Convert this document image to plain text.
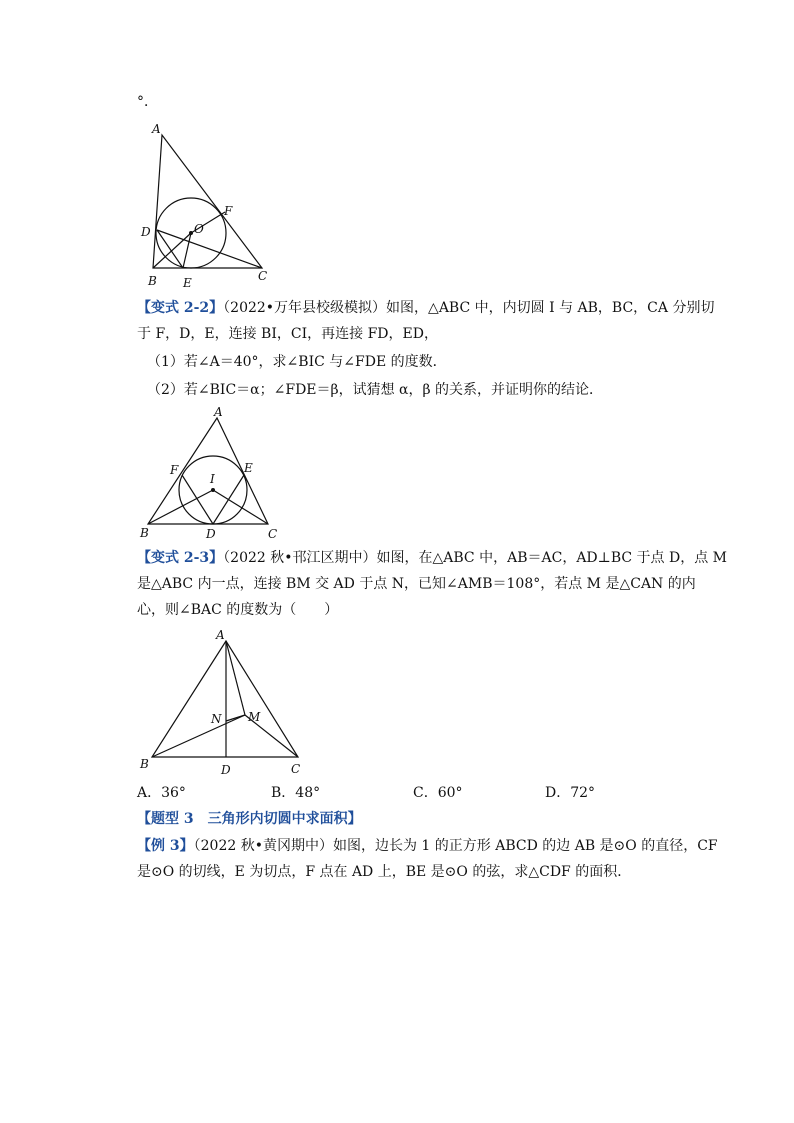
°．
A
D
F
O
B E	C
【变式 2-2】（2022•万年县校级模拟）如图，△ABC 中，内切圆 I 与 AB，BC，CA 分别切
于 F，D，E，连接 BI，CI，再连接 FD，ED，
（1）若∠A＝40°，求∠BIC 与∠FDE 的度数．
（2）若∠BIC＝α；∠FDE＝β，试猜想 α，β 的关系，并证明你的结论．
A
F	E
I
B	D	C
【变式 2-3】（2022 秋•邗江区期中）如图，在△ABC 中，AB＝AC，AD⊥BC 于点 D，点 M
是△ABC 内一点，连接 BM 交 AD 于点 N，已知∠AMB＝108°，若点 M 是△CAN 的内
心，则∠BAC 的度数为（　　）
A
N M
B	D	C
A．36°	B．48°	C．60°	D．72°
【题型 3　三角形内切圆中求面积】
【例 3】（2022 秋•黄冈期中）如图，边长为 1 的正方形 ABCD 的边 AB 是⊙O 的直径，CF
是⊙O 的切线，E 为切点，F 点在 AD 上，BE 是⊙O 的弦，求△CDF 的面积．
